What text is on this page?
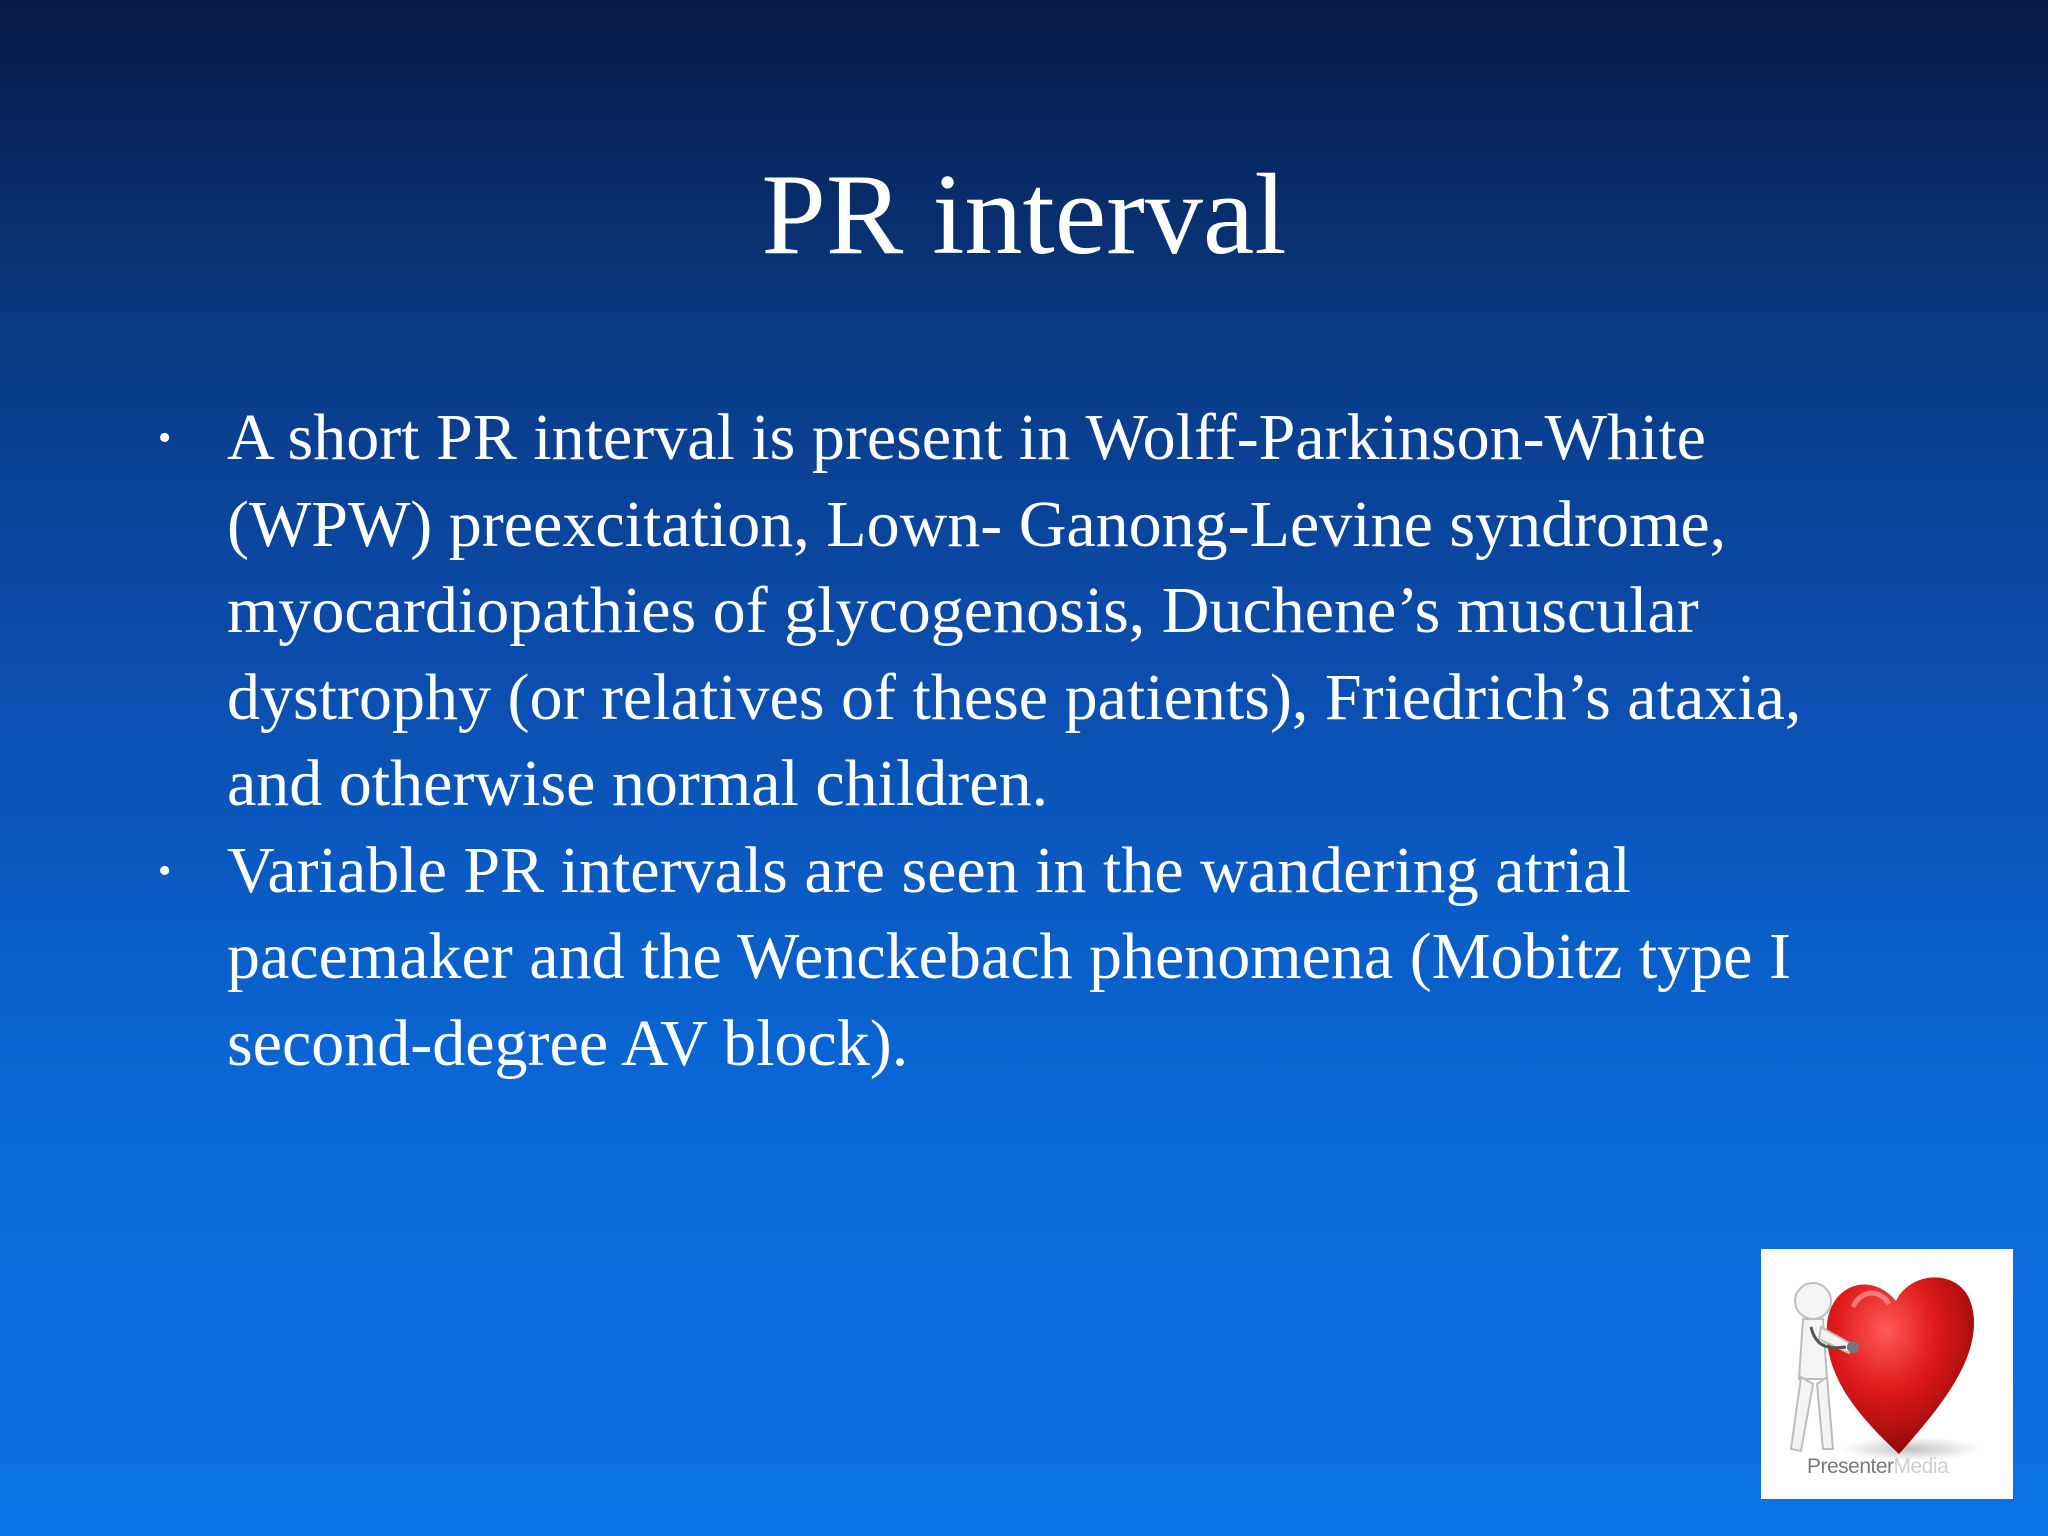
PR interval
• A short PR interval is present in Wolff-Parkinson-White (WPW) preexcitation, Lown- Ganong-Levine syndrome, myocardiopathies of glycogenosis, Duchene’s muscular dystrophy (or relatives of these patients), Friedrich’s ataxia, and otherwise normal children.
• Variable PR intervals are seen in the wandering atrial pacemaker and the Wenckebach phenomena (Mobitz type I second-degree AV block).
PresenterMedia
